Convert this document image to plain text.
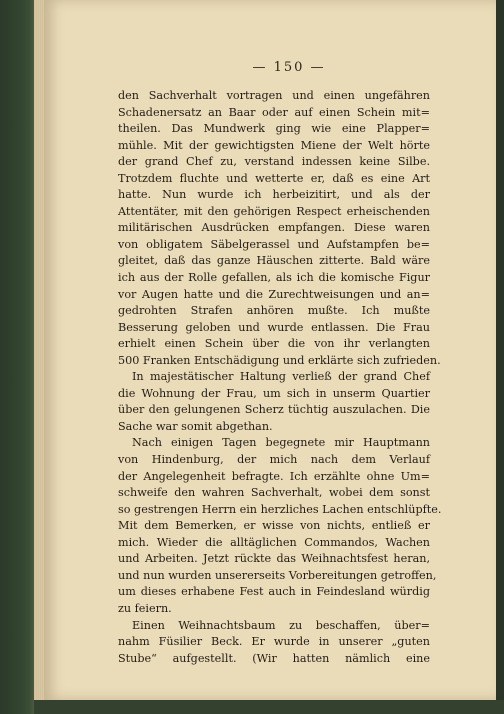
— 150 —
den Sachverhalt vortragen und einen ungefähren
Schadenersatz an Baar oder auf einen Schein mit=
theilen. Das Mundwerk ging wie eine Plapper=
mühle. Mit der gewichtigsten Miene der Welt hörte
der grand Chef zu, verstand indessen keine Silbe.
Trotzdem fluchte und wetterte er, daß es eine Art
hatte. Nun wurde ich herbeizitirt, und als der
Attentäter, mit den gehörigen Respect erheischenden
militärischen Ausdrücken empfangen. Diese waren
von obligatem Säbelgerassel und Aufstampfen be=
gleitet, daß das ganze Häuschen zitterte. Bald wäre
ich aus der Rolle gefallen, als ich die komische Figur
vor Augen hatte und die Zurechtweisungen und an=
gedrohten Strafen anhören mußte. Ich mußte
Besserung geloben und wurde entlassen. Die Frau
erhielt einen Schein über die von ihr verlangten
500 Franken Entschädigung und erklärte sich zufrieden.
In majestätischer Haltung verließ der grand Chef
die Wohnung der Frau, um sich in unserm Quartier
über den gelungenen Scherz tüchtig auszulachen. Die
Sache war somit abgethan.
Nach einigen Tagen begegnete mir Hauptmann
von Hindenburg, der mich nach dem Verlauf
der Angelegenheit befragte. Ich erzählte ohne Um=
schweife den wahren Sachverhalt, wobei dem sonst
so gestrengen Herrn ein herzliches Lachen entschlüpfte.
Mit dem Bemerken, er wisse von nichts, entließ er
mich. Wieder die alltäglichen Commandos, Wachen
und Arbeiten. Jetzt rückte das Weihnachtsfest heran,
und nun wurden unsererseits Vorbereitungen getroffen,
um dieses erhabene Fest auch in Feindesland würdig
zu feiern.
Einen Weihnachtsbaum zu beschaffen, über=
nahm Füsilier Beck. Er wurde in unserer „guten
Stube“ aufgestellt. (Wir hatten nämlich eine
